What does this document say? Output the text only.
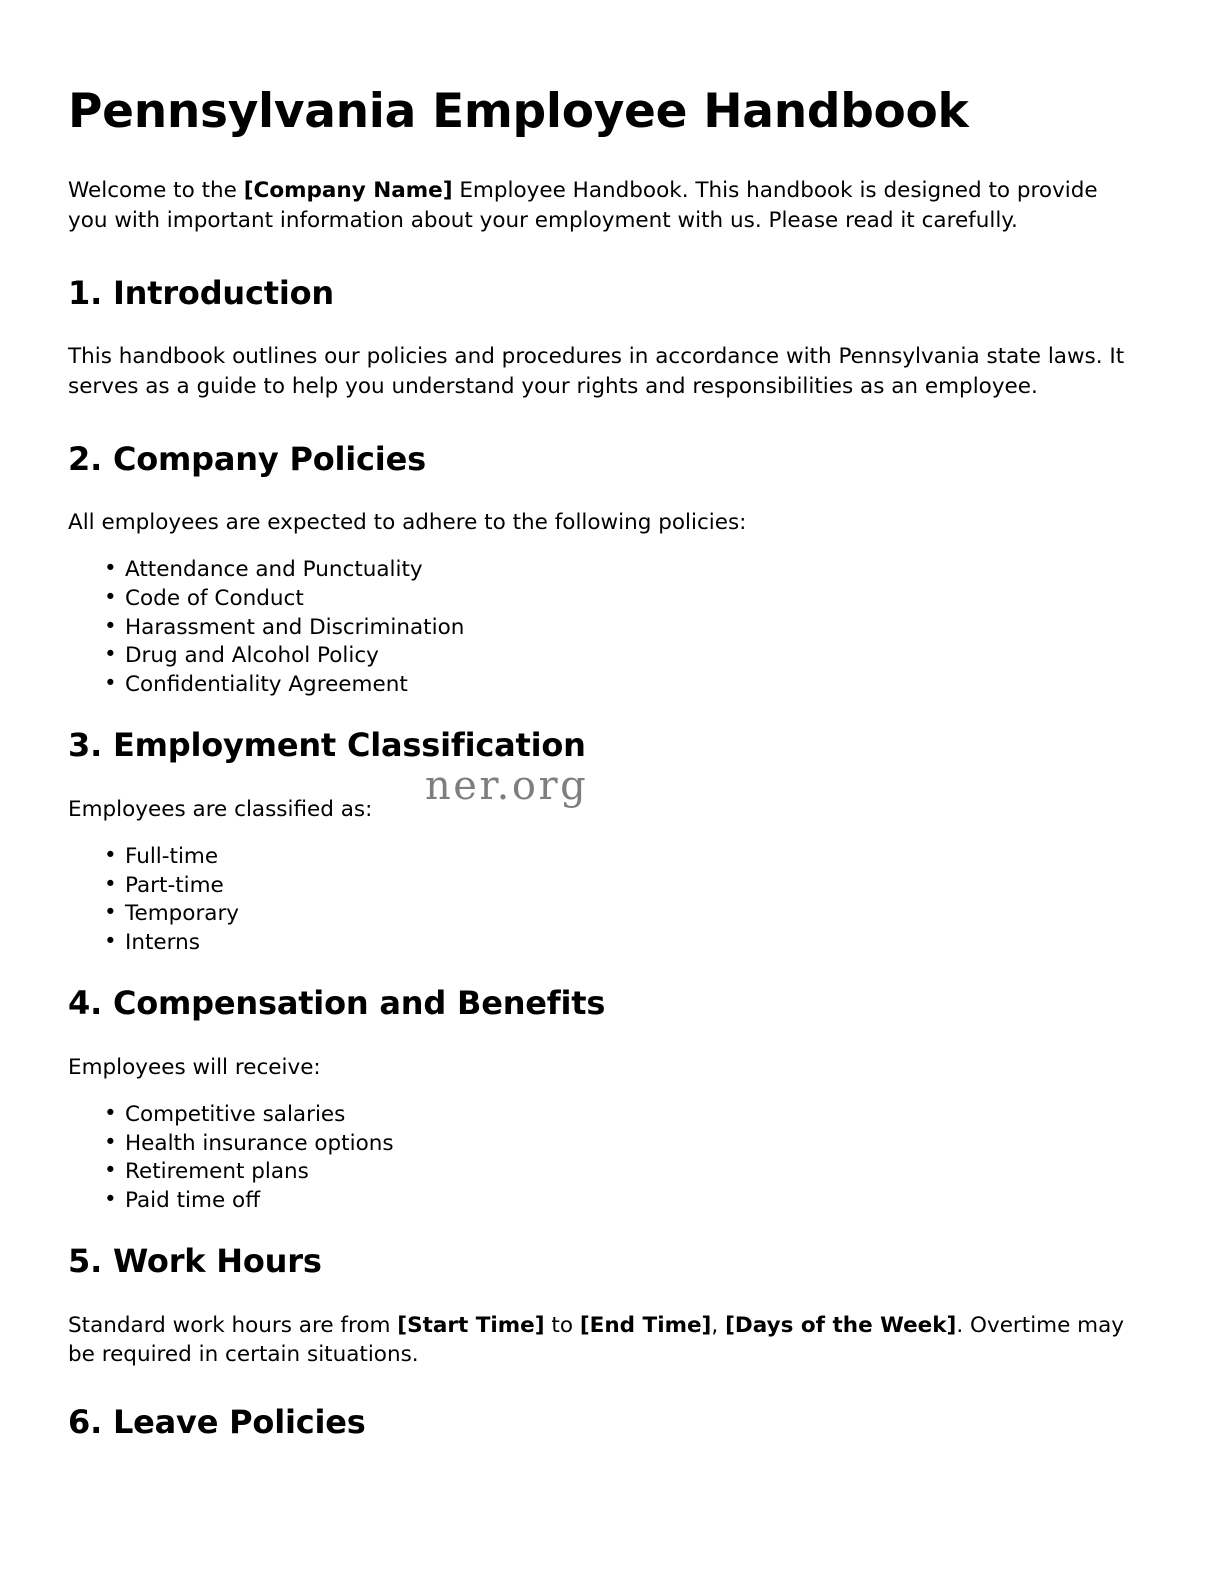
Pennsylvania Employee Handbook

Welcome to the [Company Name] Employee Handbook. This handbook is designed to provide you with important information about your employment with us. Please read it carefully.

1. Introduction

This handbook outlines our policies and procedures in accordance with Pennsylvania state laws. It serves as a guide to help you understand your rights and responsibilities as an employee.

2. Company Policies

All employees are expected to adhere to the following policies:

• Attendance and Punctuality
• Code of Conduct
• Harassment and Discrimination
• Drug and Alcohol Policy
• Confidentiality Agreement
3. Employment Classification

Employees are classified as:

• Full-time
• Part-time
• Temporary
• Interns
4. Compensation and Benefits

Employees will receive:

• Competitive salaries
• Health insurance options
• Retirement plans
• Paid time off
5. Work Hours

Standard work hours are from [Start Time] to [End Time], [Days of the Week]. Overtime may be required in certain situations.

6. Leave Policies
ner.org
